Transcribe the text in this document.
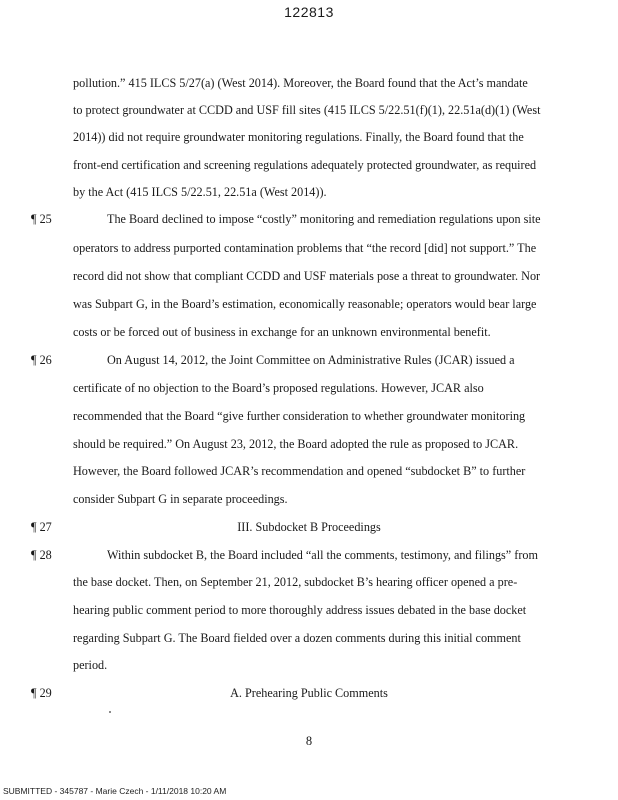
122813
pollution.” 415 ILCS 5/27(a) (West 2014). Moreover, the Board found that the Act’s mandate
to protect groundwater at CCDD and USF fill sites (415 ILCS 5/22.51(f)(1), 22.51a(d)(1) (West
2014)) did not require groundwater monitoring regulations. Finally, the Board found that the
front-end certification and screening regulations adequately protected groundwater, as required
by the Act (415 ILCS 5/22.51, 22.51a (West 2014)).
¶ 25	The Board declined to impose “costly” monitoring and remediation regulations upon site
operators to address purported contamination problems that “the record [did] not support.” The
record did not show that compliant CCDD and USF materials pose a threat to groundwater. Nor
was Subpart G, in the Board’s estimation, economically reasonable; operators would bear large
costs or be forced out of business in exchange for an unknown environmental benefit.
¶ 26	On August 14, 2012, the Joint Committee on Administrative Rules (JCAR) issued a
certificate of no objection to the Board’s proposed regulations. However, JCAR also
recommended that the Board “give further consideration to whether groundwater monitoring
should be required.” On August 23, 2012, the Board adopted the rule as proposed to JCAR.
However, the Board followed JCAR’s recommendation and opened “subdocket B” to further
consider Subpart G in separate proceedings.
¶ 27	III. Subdocket B Proceedings
¶ 28	Within subdocket B, the Board included “all the comments, testimony, and filings” from
the base docket. Then, on September 21, 2012, subdocket B’s hearing officer opened a pre-
hearing public comment period to more thoroughly address issues debated in the base docket
regarding Subpart G. The Board fielded over a dozen comments during this initial comment
period.
¶ 29	A. Prehearing Public Comments
8
SUBMITTED - 345787 - Marie Czech - 1/11/2018 10:20 AM
